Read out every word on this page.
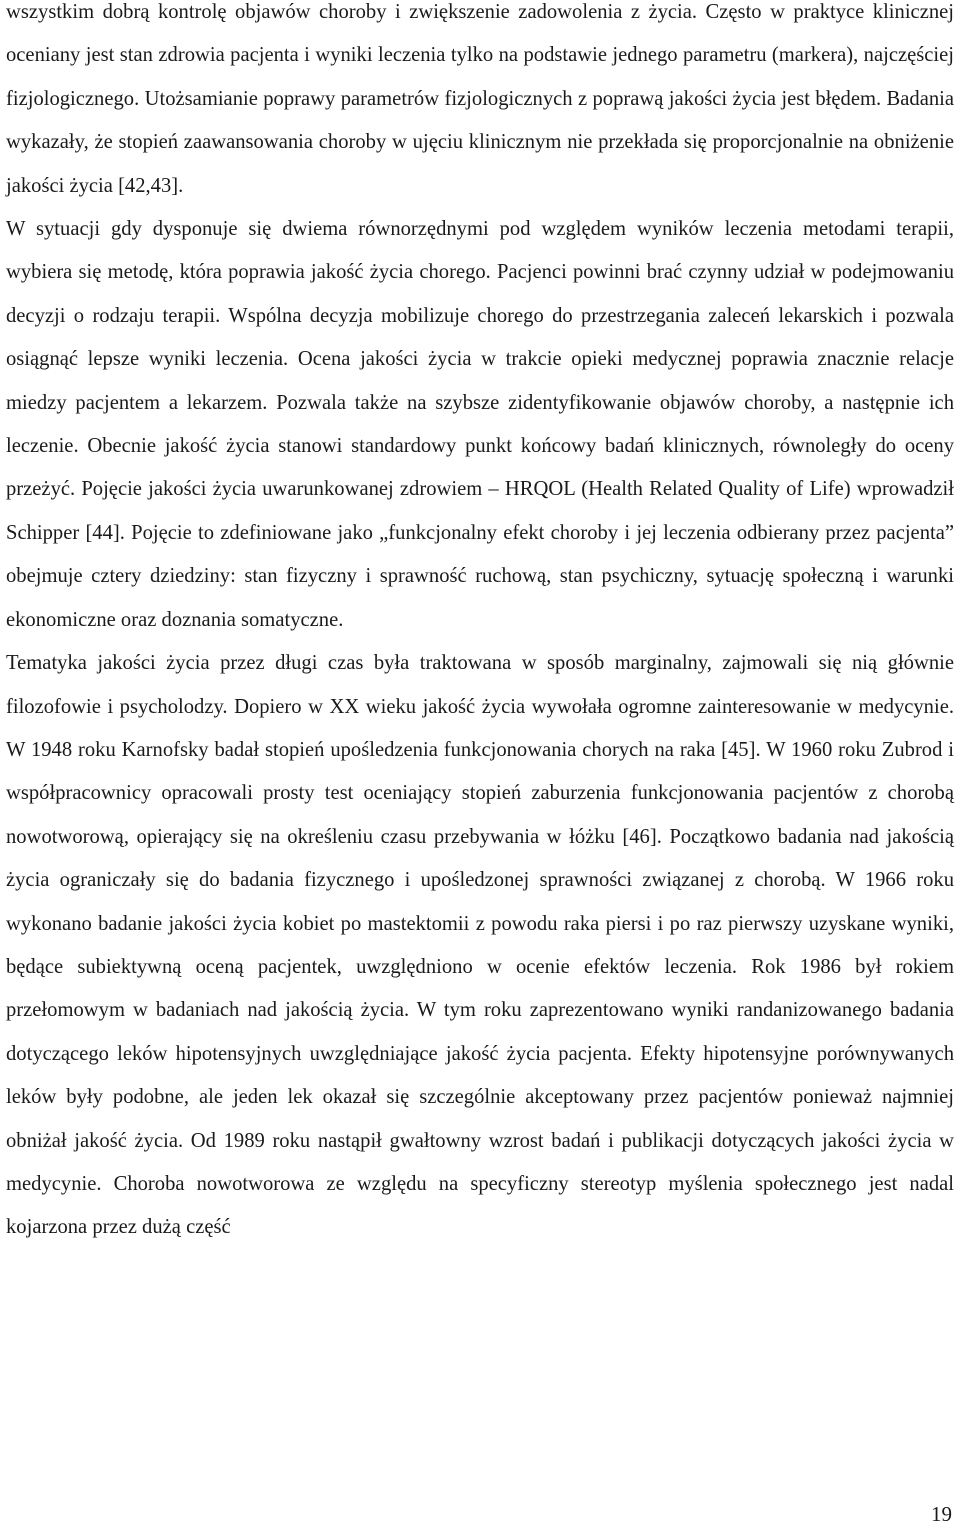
wszystkim dobrą kontrolę objawów choroby i zwiększenie zadowolenia z życia. Często w praktyce klinicznej oceniany jest stan zdrowia pacjenta i wyniki leczenia tylko na podstawie jednego parametru (markera), najczęściej fizjologicznego. Utożsamianie poprawy parametrów fizjologicznych z poprawą jakości życia jest błędem. Badania wykazały, że stopień zaawansowania choroby w ujęciu klinicznym nie przekłada się proporcjonalnie na obniżenie jakości życia [42,43].

W sytuacji gdy dysponuje się dwiema równorzędnymi pod względem wyników leczenia metodami terapii, wybiera się metodę, która poprawia jakość życia chorego. Pacjenci powinni brać czynny udział w podejmowaniu decyzji o rodzaju terapii. Wspólna decyzja mobilizuje chorego do przestrzegania zaleceń lekarskich i pozwala osiągnąć lepsze wyniki leczenia. Ocena jakości życia w trakcie opieki medycznej poprawia znacznie relacje miedzy pacjentem a lekarzem. Pozwala także na szybsze zidentyfikowanie objawów choroby, a następnie ich leczenie. Obecnie jakość życia stanowi standardowy punkt końcowy badań klinicznych, równoległy do oceny przeżyć. Pojęcie jakości życia uwarunkowanej zdrowiem – HRQOL (Health Related Quality of Life) wprowadził Schipper [44]. Pojęcie to zdefiniowane jako „funkcjonalny efekt choroby i jej leczenia odbierany przez pacjenta” obejmuje cztery dziedziny: stan fizyczny i sprawność ruchową, stan psychiczny, sytuację społeczną i warunki ekonomiczne oraz doznania somatyczne.

Tematyka jakości życia przez długi czas była traktowana w sposób marginalny, zajmowali się nią głównie filozofowie i psycholodzy. Dopiero w XX wieku jakość życia wywołała ogromne zainteresowanie w medycynie. W 1948 roku Karnofsky badał stopień upośledzenia funkcjonowania chorych na raka [45]. W 1960 roku Zubrod i współpracownicy opracowali prosty test oceniający stopień zaburzenia funkcjonowania pacjentów z chorobą nowotworową, opierający się na określeniu czasu przebywania w łóżku [46]. Początkowo badania nad jakością życia ograniczały się do badania fizycznego i upośledzonej sprawności związanej z chorobą. W 1966 roku wykonano badanie jakości życia kobiet po mastektomii z powodu raka piersi i po raz pierwszy uzyskane wyniki, będące subiektywną oceną pacjentek, uwzględniono w ocenie efektów leczenia. Rok 1986 był rokiem przełomowym w badaniach nad jakością życia. W tym roku zaprezentowano wyniki randanizowanego badania dotyczącego leków hipotensyjnych uwzględniające jakość życia pacjenta. Efekty hipotensyjne porównywanych leków były podobne, ale jeden lek okazał się szczególnie akceptowany przez pacjentów ponieważ najmniej obniżał jakość życia. Od 1989 roku nastąpił gwałtowny wzrost badań i publikacji dotyczących jakości życia w medycynie. Choroba nowotworowa ze względu na specyficzny stereotyp myślenia społecznego jest nadal kojarzona przez dużą część

19
